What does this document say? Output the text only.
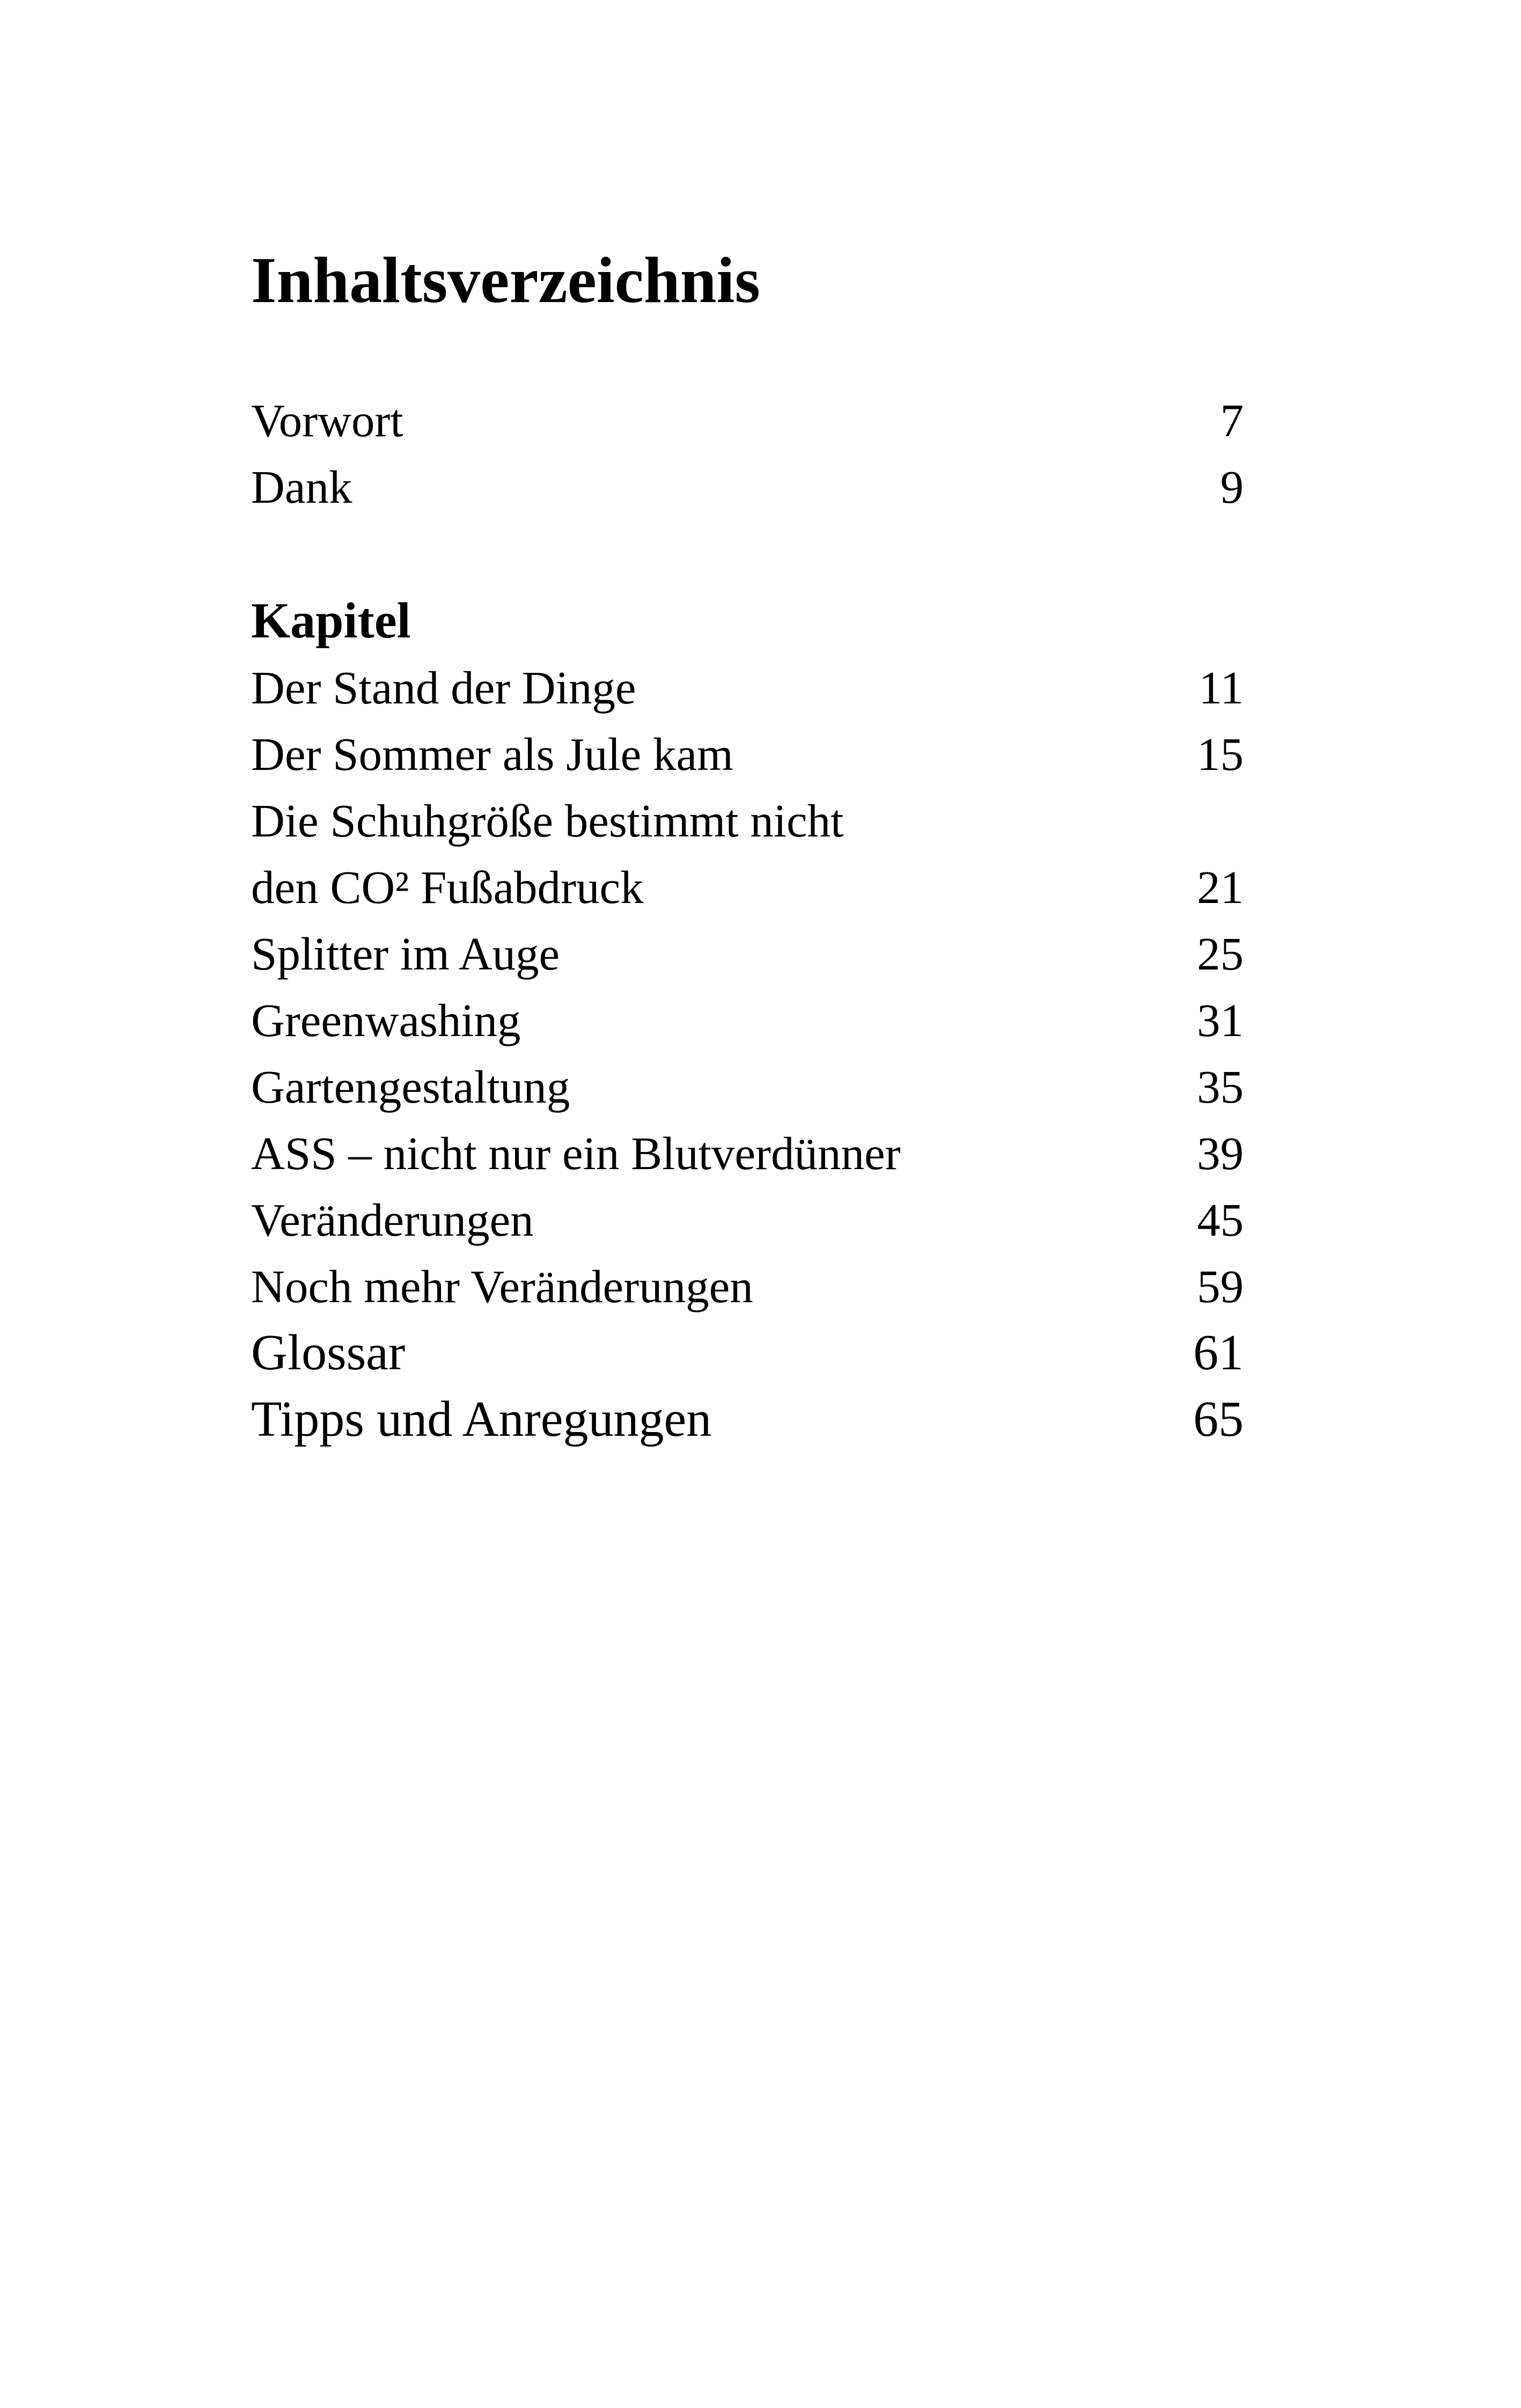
Inhaltsverzeichnis
Vorwort	7
Dank	9
Kapitel
Der Stand der Dinge	11
Der Sommer als Jule kam	15
Die Schuhgröße bestimmt nicht
den CO² Fußabdruck	21
Splitter im Auge	25
Greenwashing	31
Gartengestaltung	35
ASS – nicht nur ein Blutverdünner	39
Veränderungen	45
Noch mehr Veränderungen	59
Glossar	61
Tipps und Anregungen	65
